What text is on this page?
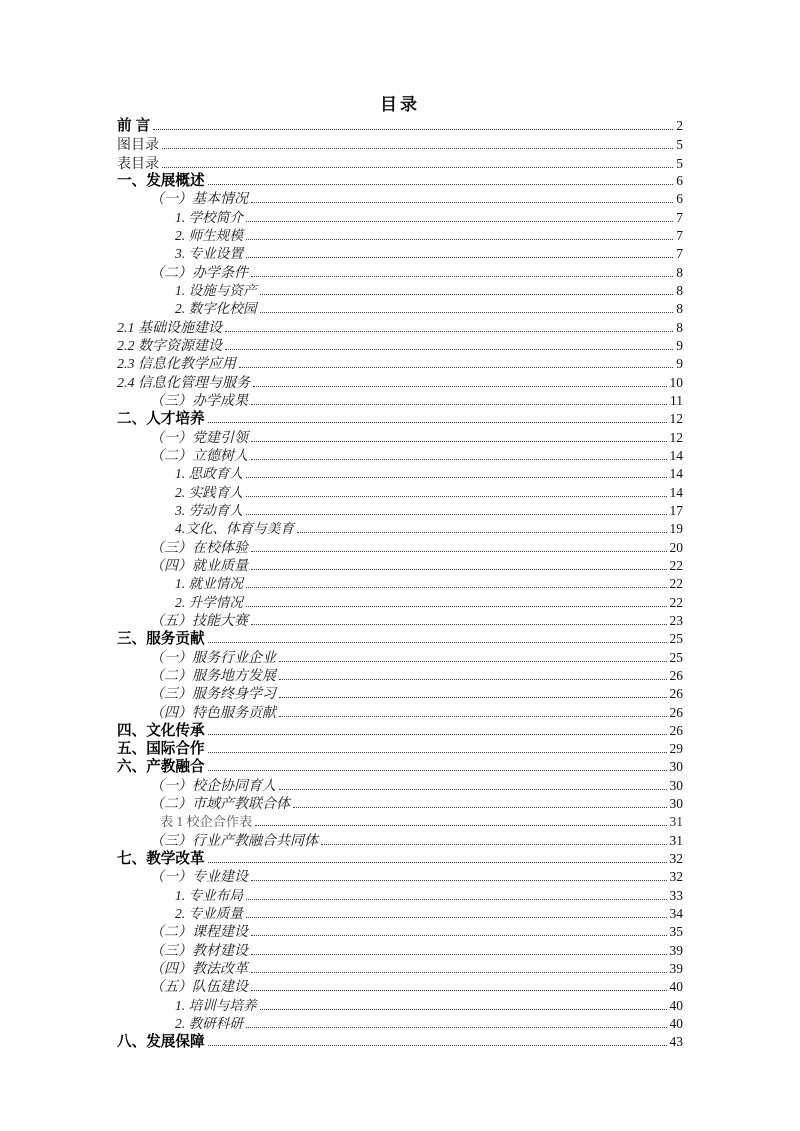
目录
前 言	2
图目录	5
表目录	5
一、发展概述	6
（一）基本情况	6
1. 学校简介	7
2. 师生规模	7
3. 专业设置	7
（二）办学条件	8
1. 设施与资产	8
2. 数字化校园	8
2.1 基础设施建设	8
2.2 数字资源建设	9
2.3 信息化教学应用	9
2.4 信息化管理与服务	10
（三）办学成果	11
二、人才培养	12
（一）党建引领	12
（二）立德树人	14
1. 思政育人	14
2. 实践育人	14
3. 劳动育人	17
4.文化、体育与美育	19
（三）在校体验	20
（四）就业质量	22
1. 就业情况	22
2. 升学情况	22
（五）技能大赛	23
三、服务贡献	25
（一）服务行业企业	25
（二）服务地方发展	26
（三）服务终身学习	26
（四）特色服务贡献	26
四、文化传承	26
五、国际合作	29
六、产教融合	30
（一）校企协同育人	30
（二）市域产教联合体	30
表 1 校企合作表	31
（三）行业产教融合共同体	31
七、教学改革	32
（一）专业建设	32
1. 专业布局	33
2. 专业质量	34
（二）课程建设	35
（三）教材建设	39
（四）教法改革	39
（五）队伍建设	40
1. 培训与培养	40
2. 教研科研	40
八、发展保障	43
